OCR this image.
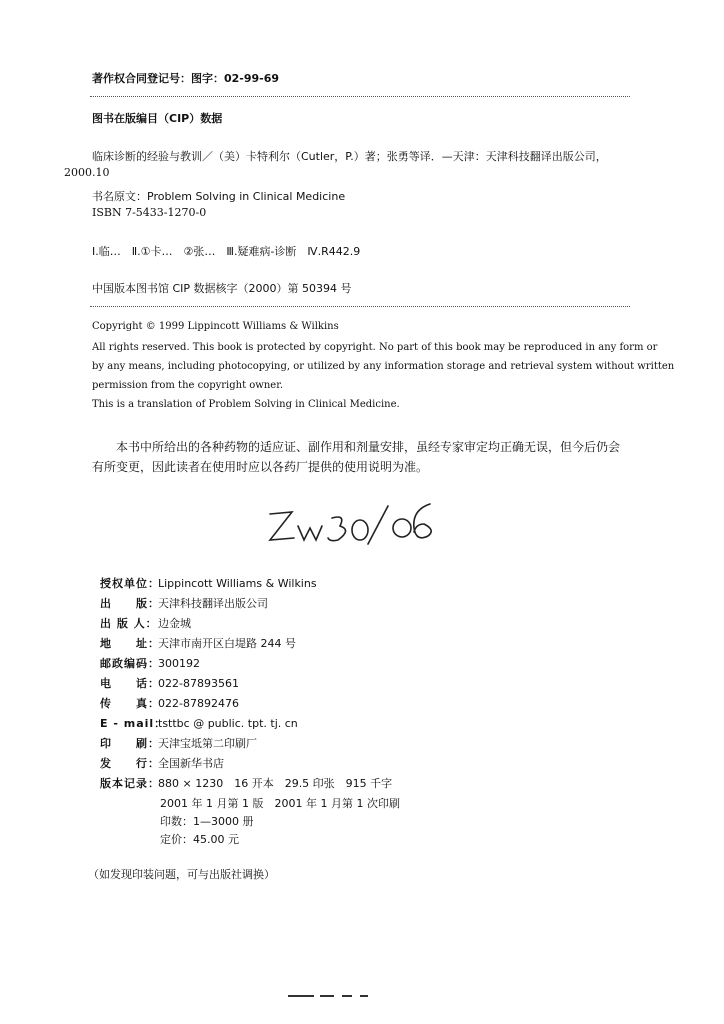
著作权合同登记号：图字：02-99-69
图书在版编目（CIP）数据
临床诊断的经验与教训／（美）卡特利尔（Cutler，P.）著；张勇等译．—天津：天津科技翻译出版公司，
2000.10
书名原文：Problem Solving in Clinical Medicine
ISBN 7-5433-1270-0
Ⅰ.临…　Ⅱ.①卡…　②张…　Ⅲ.疑难病-诊断　Ⅳ.R442.9
中国版本图书馆 CIP 数据核字（2000）第 50394 号
Copyright © 1999 Lippincott Williams & Wilkins
All rights reserved. This book is protected by copyright. No part of this book may be reproduced in any form or
by any means, including photocopying, or utilized by any information storage and retrieval system without written
permission from the copyright owner.
This is a translation of Problem Solving in Clinical Medicine.
本书中所给出的各种药物的适应证、副作用和剂量安排，虽经专家审定均正确无误，但今后仍会
有所变更，因此读者在使用时应以各药厂提供的使用说明为准。
授权单位：Lippincott Williams & Wilkins
出　　版：天津科技翻译出版公司
出 版 人：边金城
地　　址：天津市南开区白堤路 244 号
邮政编码：300192
电　　话：022-87893561
传　　真：022-87892476
E - mail：tsttbc @ public. tpt. tj. cn
印　　刷：天津宝坻第二印刷厂
发　　行：全国新华书店
版本记录：880 × 1230　16 开本　29.5 印张　915 千字
2001 年 1 月第 1 版　2001 年 1 月第 1 次印刷
印数：1—3000 册
定价：45.00 元
（如发现印装问题，可与出版社调换）
